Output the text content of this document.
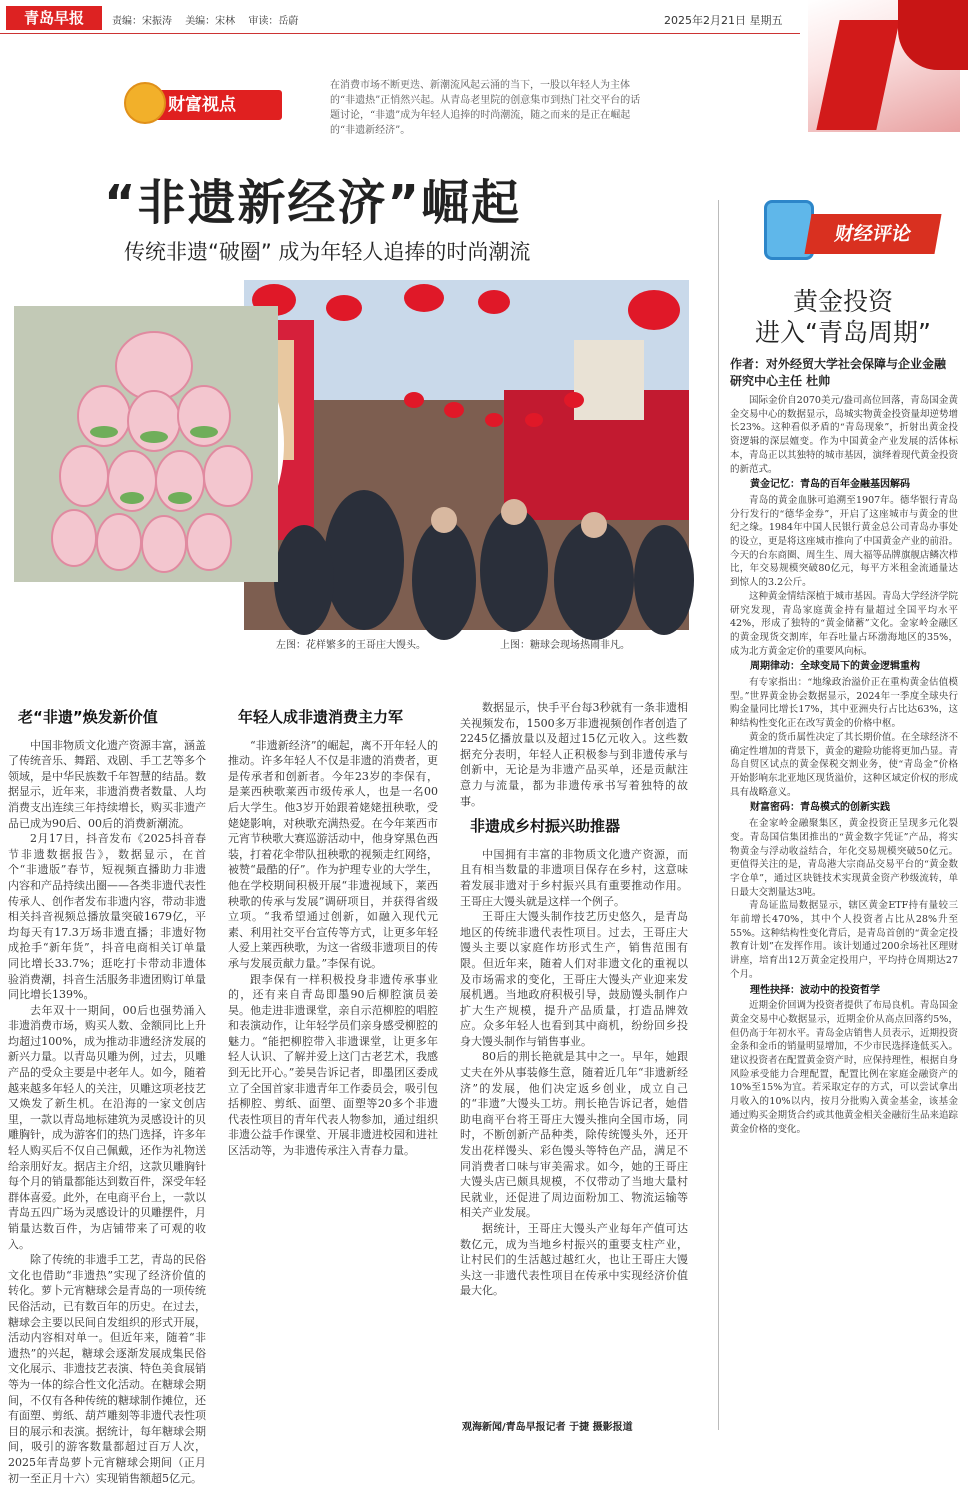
青岛早报	责编：宋振涛 美编：宋林 审读：岳蔚	2025年2月21日 星期五
财富视点
在消费市场不断更迭、新潮流风起云涌的当下，一股以年轻人为主体的“非遗热”正悄然兴起。从青岛老里院的创意集市到热门社交平台的话题讨论，“非遗”成为年轻人追捧的时尚潮流，随之而来的是正在崛起的“非遗新经济”。
“非遗新经济”崛起
传统非遗“破圈” 成为年轻人追捧的时尚潮流
左图：花样繁多的王哥庄大馒头。	上图：糖球会现场热闹非凡。
老“非遗”焕发新价值

中国非物质文化遗产资源丰富，涵盖了传统音乐、舞蹈、戏剧、手工艺等多个领域，是中华民族数千年智慧的结晶。数据显示，近年来，非遗消费者数量、人均消费支出连续三年持续增长，购买非遗产品已成为90后、00后的消费新潮流。

2月17日，抖音发布《2025抖音春节非遗数据报告》，数据显示，在首个“非遗版”春节，短视频直播助力非遗内容和产品持续出圈——各类非遗代表性传承人、创作者发布非遗内容，带动非遗相关抖音视频总播放量突破1679亿，平均每天有17.3万场非遗直播；非遗好物成抢手“新年货”，抖音电商相关订单量同比增长33.7%；逛吃打卡带动非遗体验消费潮，抖音生活服务非遗团购订单量同比增长139%。

去年双十一期间，00后也强势涌入非遗消费市场，购买人数、金额同比上升均超过100%，成为推动非遗经济发展的新兴力量。以青岛贝雕为例，过去，贝雕产品的受众主要是中老年人。如今，随着越来越多年轻人的关注，贝雕这项老技艺又焕发了新生机。在沿海的一家文创店里，一款以青岛地标建筑为灵感设计的贝雕胸针，成为游客们的热门选择，许多年轻人购买后不仅自己佩戴，还作为礼物送给亲朋好友。据店主介绍，这款贝雕胸针每个月的销量都能达到数百件，深受年轻群体喜爱。此外，在电商平台上，一款以青岛五四广场为灵感设计的贝雕摆件，月销量达数百件，为店铺带来了可观的收入。

除了传统的非遗手工艺，青岛的民俗文化也借助“非遗热”实现了经济价值的转化。萝卜元宵糖球会是青岛的一项传统民俗活动，已有数百年的历史。在过去，糖球会主要以民间自发组织的形式开展，活动内容相对单一。但近年来，随着“非遗热”的兴起，糖球会逐渐发展成集民俗文化展示、非遗技艺表演、特色美食展销等为一体的综合性文化活动。在糖球会期间，不仅有各种传统的糖球制作摊位，还有面塑、剪纸、葫芦雕刻等非遗代表性项目的展示和表演。据统计，每年糖球会期间，吸引的游客数量都超过百万人次，2025年青岛萝卜元宵糖球会期间（正月初一至正月十六）实现销售额超5亿元。

年轻人成非遗消费主力军

“非遗新经济”的崛起，离不开年轻人的推动。许多年轻人不仅是非遗的消费者，更是传承者和创新者。今年23岁的李保有，是莱西秧歌莱西市级传承人，也是一名00后大学生。他3岁开始跟着姥姥扭秧歌，受姥姥影响，对秧歌充满热爱。在今年莱西市元宵节秧歌大赛巡游活动中，他身穿黑色西装，打着花伞带队扭秧歌的视频走红网络，被赞“最酷的仔”。作为护理专业的大学生，他在学校期间积极开展“非遗视域下，莱西秧歌的传承与发展”调研项目，并获得省级立项。“我希望通过创新，如融入现代元素、利用社交平台宣传等方式，让更多年轻人爱上莱西秧歌，为这一省级非遗项目的传承与发展贡献力量。”李保有说。

跟李保有一样积极投身非遗传承事业的，还有来自青岛即墨90后柳腔演员姜昊。他走进非遗课堂，亲自示范柳腔的唱腔和表演动作，让年轻学员们亲身感受柳腔的魅力。“能把柳腔带入非遗课堂，让更多年轻人认识、了解并爱上这门古老艺术，我感到无比开心。”姜昊告诉记者，即墨团区委成立了全国首家非遗青年工作委员会，吸引包括柳腔、剪纸、面塑、面塑等20多个非遗代表性项目的青年代表人物参加，通过组织非遗公益手作课堂、开展非遗进校园和进社区活动等，为非遗传承注入青春力量。

数据显示，快手平台每3秒就有一条非遗相关视频发布，1500多万非遗视频创作者创造了2245亿播放量以及超过15亿元收入。这些数据充分表明，年轻人正积极参与到非遗传承与创新中，无论是为非遗产品买单，还是贡献注意力与流量，都为非遗传承书写着独特的故事。

非遗成乡村振兴助推器

中国拥有丰富的非物质文化遗产资源，而且有相当数量的非遗项目保存在乡村，这意味着发展非遗对于乡村振兴具有重要推动作用。王哥庄大馒头就是这样一个例子。

王哥庄大馒头制作技艺历史悠久，是青岛地区的传统非遗代表性项目。过去，王哥庄大馒头主要以家庭作坊形式生产，销售范围有限。但近年来，随着人们对非遗文化的重视以及市场需求的变化，王哥庄大馒头产业迎来发展机遇。当地政府积极引导，鼓励馒头制作户扩大生产规模，提升产品质量，打造品牌效应。众多年轻人也看到其中商机，纷纷回乡投身大馒头制作与销售事业。

80后的荆长艳就是其中之一。早年，她跟丈夫在外从事装修生意，随着近几年“非遗新经济”的发展，他们决定返乡创业，成立自己的“非遗”大馒头工坊。荆长艳告诉记者，她借助电商平台将王哥庄大馒头推向全国市场，同时，不断创新产品种类，除传统馒头外，还开发出花样馒头、彩色馒头等特色产品，满足不同消费者口味与审美需求。如今，她的王哥庄大馒头店已颇具规模，不仅带动了当地大量村民就业，还促进了周边面粉加工、物流运输等相关产业发展。

据统计，王哥庄大馒头产业每年产值可达数亿元，成为当地乡村振兴的重要支柱产业，让村民们的生活越过越红火，也让王哥庄大馒头这一非遗代表性项目在传承中实现经济价值最大化。

观海新闻/青岛早报记者 于捷 摄影报道
财经评论
黄金投资
进入“青岛周期”
作者：对外经贸大学社会保障与企业金融研究中心主任 杜帅

国际金价自2070美元/盎司高位回落，青岛国金黄金交易中心的数据显示，岛城实物黄金投资量却逆势增长23%。这种看似矛盾的“青岛现象”，折射出黄金投资逻辑的深层嬗变。作为中国黄金产业发展的活体标本，青岛正以其独特的城市基因，演绎着现代黄金投资的新范式。

黄金记忆：青岛的百年金融基因解码

青岛的黄金血脉可追溯至1907年。德华银行青岛分行发行的“德华金券”，开启了这座城市与黄金的世纪之缘。1984年中国人民银行黄金总公司青岛办事处的设立，更是将这座城市推向了中国黄金产业的前沿。今天的台东商圈、周生生、周大福等品牌旗舰店鳞次栉比，年交易规模突破80亿元，每平方米租金流通量达到惊人的3.2公斤。

这种黄金情结深植于城市基因。青岛大学经济学院研究发现，青岛家庭黄金持有量超过全国平均水平42%，形成了独特的“黄金储蓄”文化。金家岭金融区的黄金现货交割库，年吞吐量占环渤海地区的35%，成为北方黄金定价的重要风向标。

周期律动：全球变局下的黄金逻辑重构

有专家指出：“地缘政治溢价正在重构黄金估值模型。”世界黄金协会数据显示，2024年一季度全球央行购金量同比增长17%，其中亚洲央行占比达63%，这种结构性变化正在改写黄金的价格中枢。

黄金的货币属性决定了其长期价值。在全球经济不确定性增加的背景下，黄金的避险功能将更加凸显。青岛自贸区试点的黄金保税交割业务，使“青岛金”价格开始影响东北亚地区现货溢价，这种区域定价权的形成具有战略意义。

财富密码：青岛模式的创新实践

在金家岭金融聚集区，黄金投资正呈现多元化裂变。青岛国信集团推出的“黄金数字凭证”产品，将实物黄金与浮动收益结合，年化交易规模突破50亿元。更值得关注的是，青岛港大宗商品交易平台的“黄金数字仓单”，通过区块链技术实现黄金资产秒级流转，单日最大交割量达3吨。

青岛证监局数据显示，辖区黄金ETF持有量较三年前增长470%，其中个人投资者占比从28%升至55%。这种结构性变化背后，是青岛首创的“黄金定投教育计划”在发挥作用。该计划通过200余场社区理财讲座，培育出12万黄金定投用户，平均持仓周期达27个月。

理性抉择：波动中的投资哲学

近期金价回调为投资者提供了布局良机。青岛国金黄金交易中心数据显示，近期金价从高点回落约5%，但仍高于年初水平。青岛金店销售人员表示，近期投资金条和金币的销量明显增加，不少市民选择逢低买入。建议投资者在配置黄金资产时，应保持理性，根据自身风险承受能力合理配置，配置比例在家庭金融资产的10%至15%为宜。若采取定存的方式，可以尝试拿出月收入的10%以内，按月分批购入黄金基金，该基金通过购买金期货合约或其他黄金相关金融衍生品来追踪黄金价格的变化。
